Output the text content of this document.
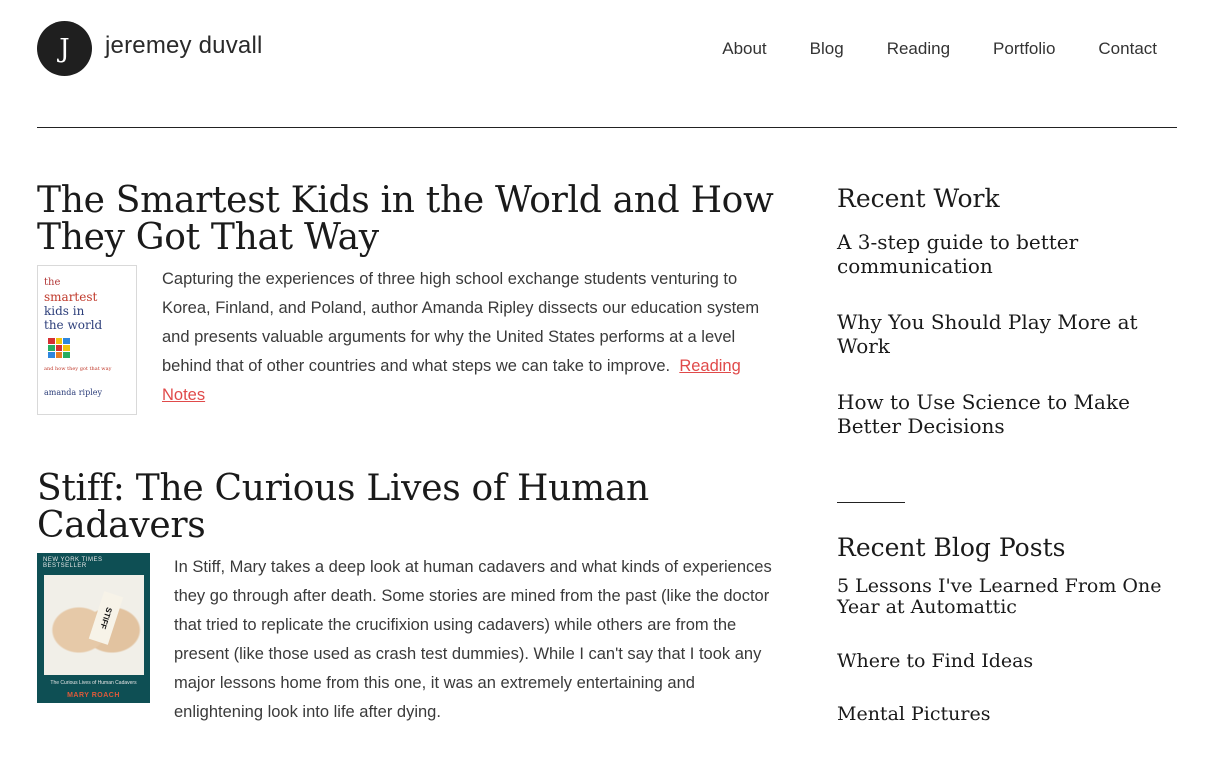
J jeremey duvall	About	Blog	Reading	Portfolio	Contact
The Smartest Kids in the World and How They Got That Way
the
smartest
kids in
the world
and how they got that way
amanda ripley

Capturing the experiences of three high school exchange students venturing to Korea, Finland, and Poland, author Amanda Ripley dissects our education system and presents valuable arguments for why the United States performs at a level behind that of other countries and what steps we can take to improve. Reading Notes

Stiff: The Curious Lives of Human Cadavers
NEW YORK TIMES BESTSELLER
STIFF
The Curious Lives of Human Cadavers
MARY ROACH

In Stiff, Mary takes a deep look at human cadavers and what kinds of experiences they go through after death. Some stories are mined from the past (like the doctor that tried to replicate the crucifixion using cadavers) while others are from the present (like those used as crash test dummies). While I can't say that I took any major lessons home from this one, it was an extremely entertaining and enlightening look into life after dying.

Recent Work
A 3-step guide to better communication
Why You Should Play More at Work
How to Use Science to Make Better Decisions
Recent Blog Posts
5 Lessons I've Learned From One Year at Automattic
Where to Find Ideas
Mental Pictures
